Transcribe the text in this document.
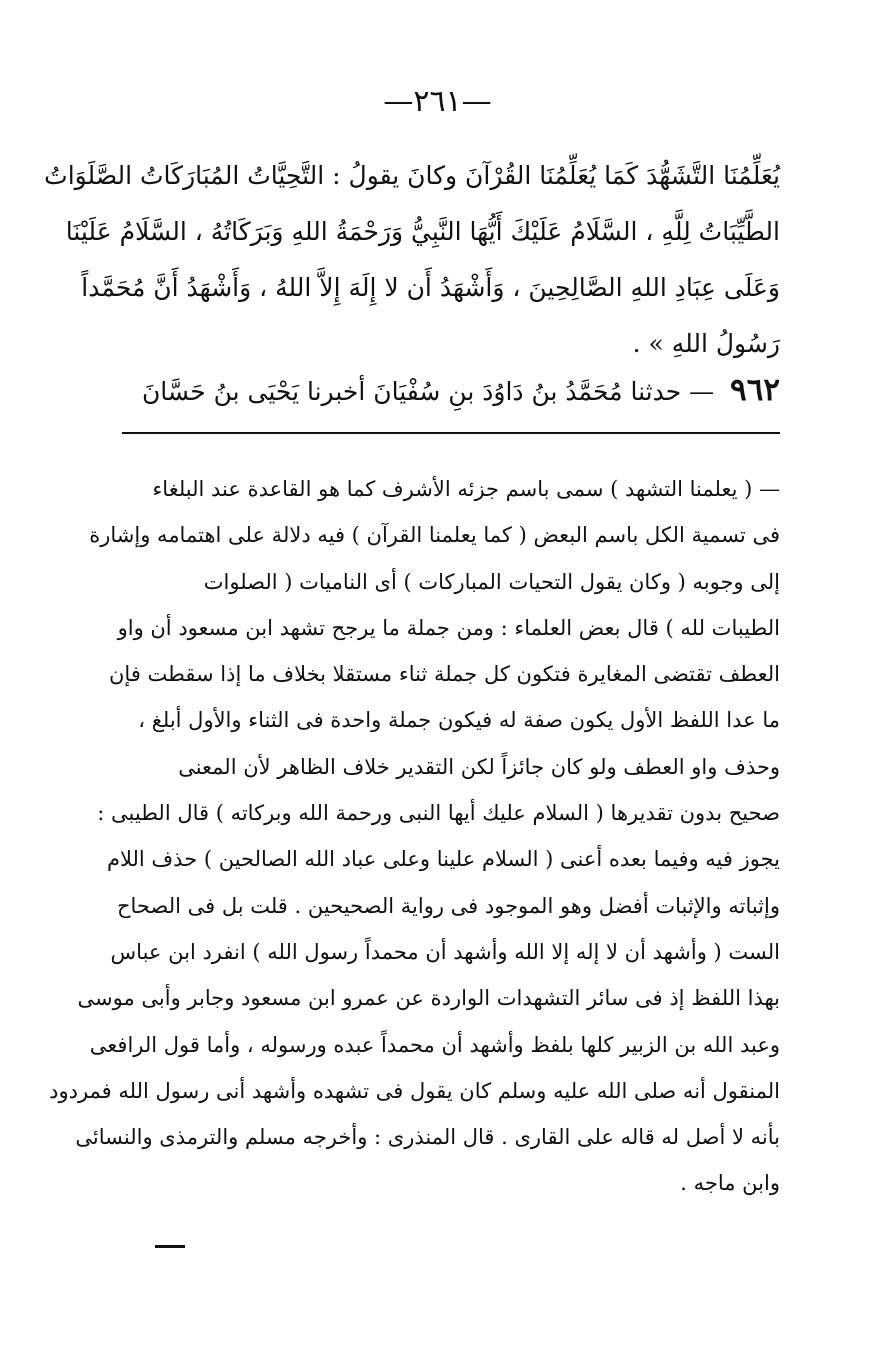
—٢٦١—
يُعَلِّمُنَا التَّشَهُّدَ كَمَا يُعَلِّمُنَا القُرْآنَ وكانَ يقولُ : التَّحِيَّاتُ المُبَارَكَاتُ الصَّلَوَاتُ
الطَّيِّبَاتُ لِلَّهِ ، السَّلَامُ عَلَيْكَ أَيُّهَا النَّبِيُّ وَرَحْمَةُ اللهِ وَبَرَكَاتُهُ ، السَّلَامُ عَلَيْنَا
وَعَلَى عِبَادِ اللهِ الصَّالِحِينَ ، وَأَشْهَدُ أَن لا إِلَهَ إِلاَّ اللهُ ، وَأَشْهَدُ أَنَّ مُحَمَّداً
رَسُولُ اللهِ » .
٩٦٢ — حدثنا مُحَمَّدُ بنُ دَاوُدَ بنِ سُفْيَانَ أخبرنا يَحْيَى بنُ حَسَّانَ
— ( يعلمنا التشهد ) سمى باسم جزئه الأشرف كما هو القاعدة عند البلغاء
فى تسمية الكل باسم البعض ( كما يعلمنا القرآن ) فيه دلالة على اهتمامه وإشارة
إلى وجوبه ( وكان يقول التحيات المباركات ) أى الناميات ( الصلوات
الطيبات لله ) قال بعض العلماء : ومن جملة ما يرجح تشهد ابن مسعود أن واو
العطف تقتضى المغايرة فتكون كل جملة ثناء مستقلا بخلاف ما إذا سقطت فإن
ما عدا اللفظ الأول يكون صفة له فيكون جملة واحدة فى الثناء والأول أبلغ ،
وحذف واو العطف ولو كان جائزاً لكن التقدير خلاف الظاهر لأن المعنى
صحيح بدون تقديرها ( السلام عليك أيها النبى ورحمة الله وبركاته ) قال الطيبى :
يجوز فيه وفيما بعده أعنى ( السلام علينا وعلى عباد الله الصالحين ) حذف اللام
وإثباته والإثبات أفضل وهو الموجود فى رواية الصحيحين . قلت بل فى الصحاح
الست ( وأشهد أن لا إله إلا الله وأشهد أن محمداً رسول الله ) انفرد ابن عباس
بهذا اللفظ إذ فى سائر التشهدات الواردة عن عمرو ابن مسعود وجابر وأبى موسى
وعبد الله بن الزبير كلها بلفظ وأشهد أن محمداً عبده ورسوله ، وأما قول الرافعى
المنقول أنه صلى الله عليه وسلم كان يقول فى تشهده وأشهد أنى رسول الله فمردود
بأنه لا أصل له قاله على القارى . قال المنذرى : وأخرجه مسلم والترمذى والنسائى
وابن ماجه .
